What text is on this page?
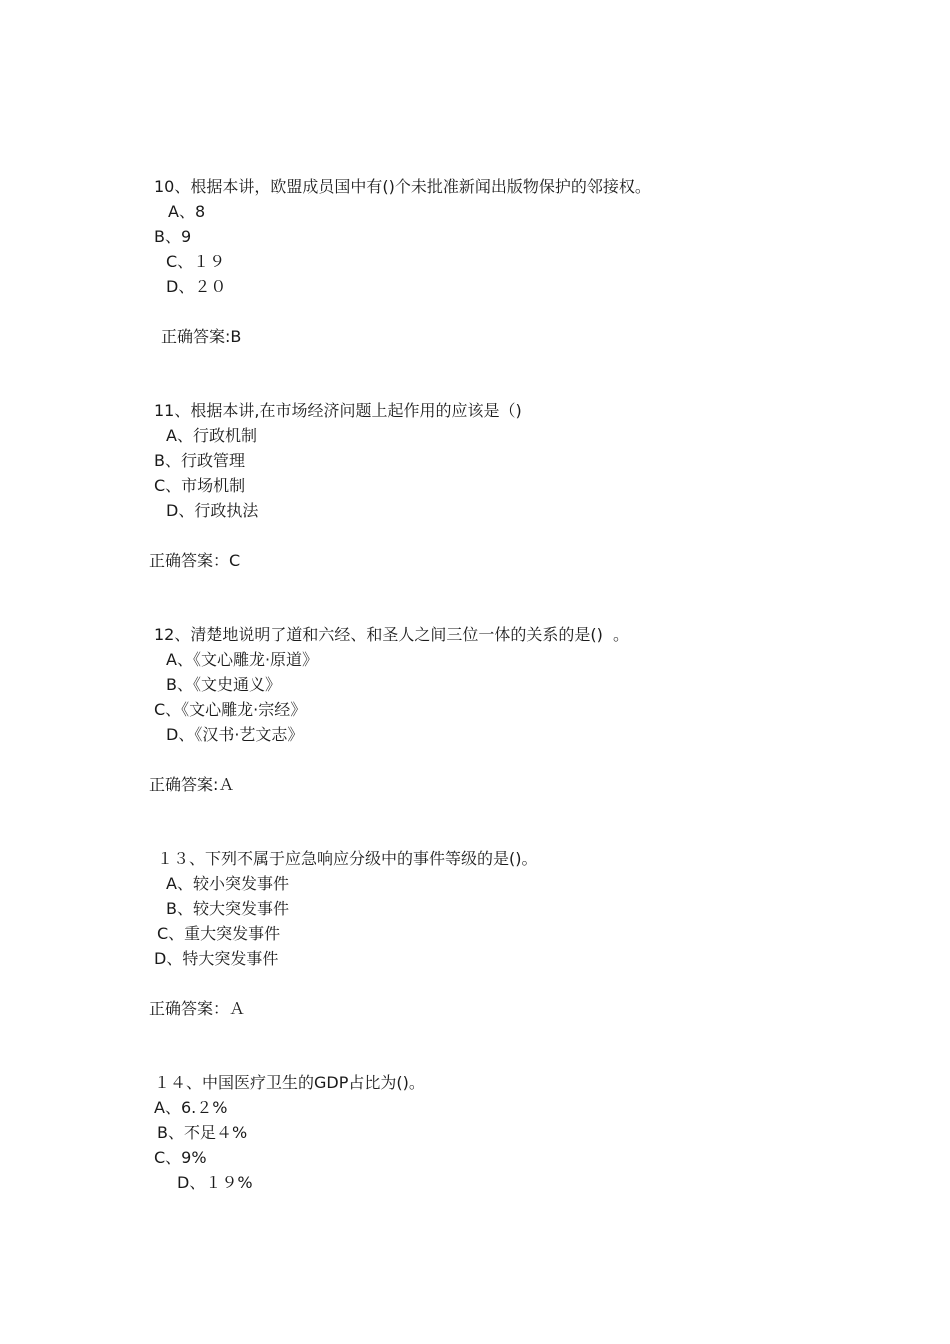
10、根据本讲，欧盟成员国中有()个未批准新闻出版物保护的邻接权。
A、8
B、9
C、１９
D、２０
正确答案:B
11、根据本讲,在市场经济问题上起作用的应该是（)
A、行政机制
B、行政管理
C、市场机制
D、行政执法
正确答案：C
12、清楚地说明了道和六经、和圣人之间三位一体的关系的是()  。
A、《文心雕龙·原道》
B、《文史通义》
C、《文心雕龙·宗经》
D、《汉书·艺文志》
正确答案:Ａ
１３、下列不属于应急响应分级中的事件等级的是()。
A、较小突发事件
B、较大突发事件
C、重大突发事件
D、特大突发事件
正确答案：Ａ
１４、中国医疗卫生的GDP占比为()。
A、6.２%
B、不足４%
C、9%
D、１９%
